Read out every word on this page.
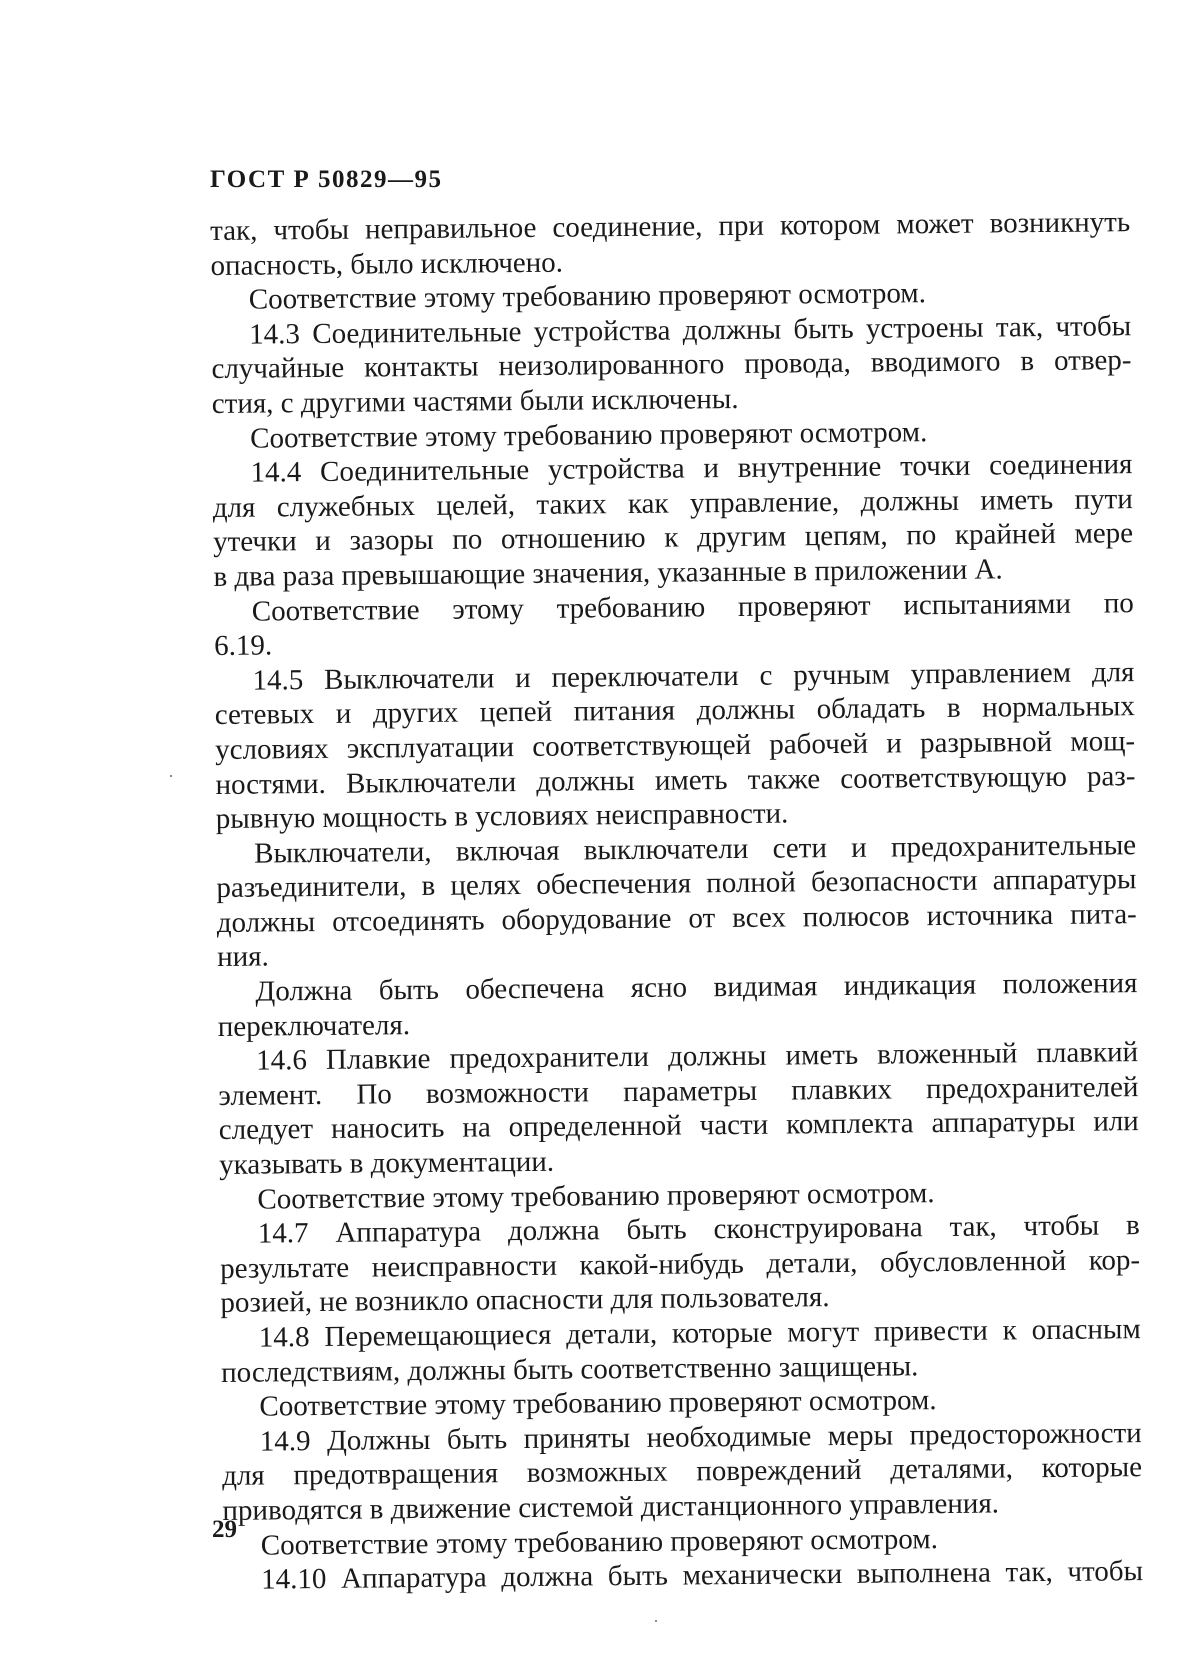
ГОСТ Р 50829—95
так, чтобы неправильное соединение, при котором может возникнуть
опасность, было исключено.
Соответствие этому требованию проверяют осмотром.
14.3 Соединительные устройства должны быть устроены так, чтобы
случайные контакты неизолированного провода, вводимого в отвер-
стия, с другими частями были исключены.
Соответствие этому требованию проверяют осмотром.
14.4 Соединительные устройства и внутренние точки соединения
для служебных целей, таких как управление, должны иметь пути
утечки и зазоры по отношению к другим цепям, по крайней мере
в два раза превышающие значения, указанные в приложении А.
Соответствие этому требованию проверяют испытаниями по
6.19.
14.5 Выключатели и переключатели с ручным управлением для
сетевых и других цепей питания должны обладать в нормальных
условиях эксплуатации соответствующей рабочей и разрывной мощ-
ностями. Выключатели должны иметь также соответствующую раз-
рывную мощность в условиях неисправности.
Выключатели, включая выключатели сети и предохранительные
разъединители, в целях обеспечения полной безопасности аппаратуры
должны отсоединять оборудование от всех полюсов источника пита-
ния.
Должна быть обеспечена ясно видимая индикация положения
переключателя.
14.6 Плавкие предохранители должны иметь вложенный плавкий
элемент. По возможности параметры плавких предохранителей
следует наносить на определенной части комплекта аппаратуры или
указывать в документации.
Соответствие этому требованию проверяют осмотром.
14.7 Аппаратура должна быть сконструирована так, чтобы в
результате неисправности какой-нибудь детали, обусловленной кор-
розией, не возникло опасности для пользователя.
14.8 Перемещающиеся детали, которые могут привести к опасным
последствиям, должны быть соответственно защищены.
Соответствие этому требованию проверяют осмотром.
14.9 Должны быть приняты необходимые меры предосторожности
для предотвращения возможных повреждений деталями, которые
приводятся в движение системой дистанционного управления.
Соответствие этому требованию проверяют осмотром.
14.10 Аппаратура должна быть механически выполнена так, чтобы
29
